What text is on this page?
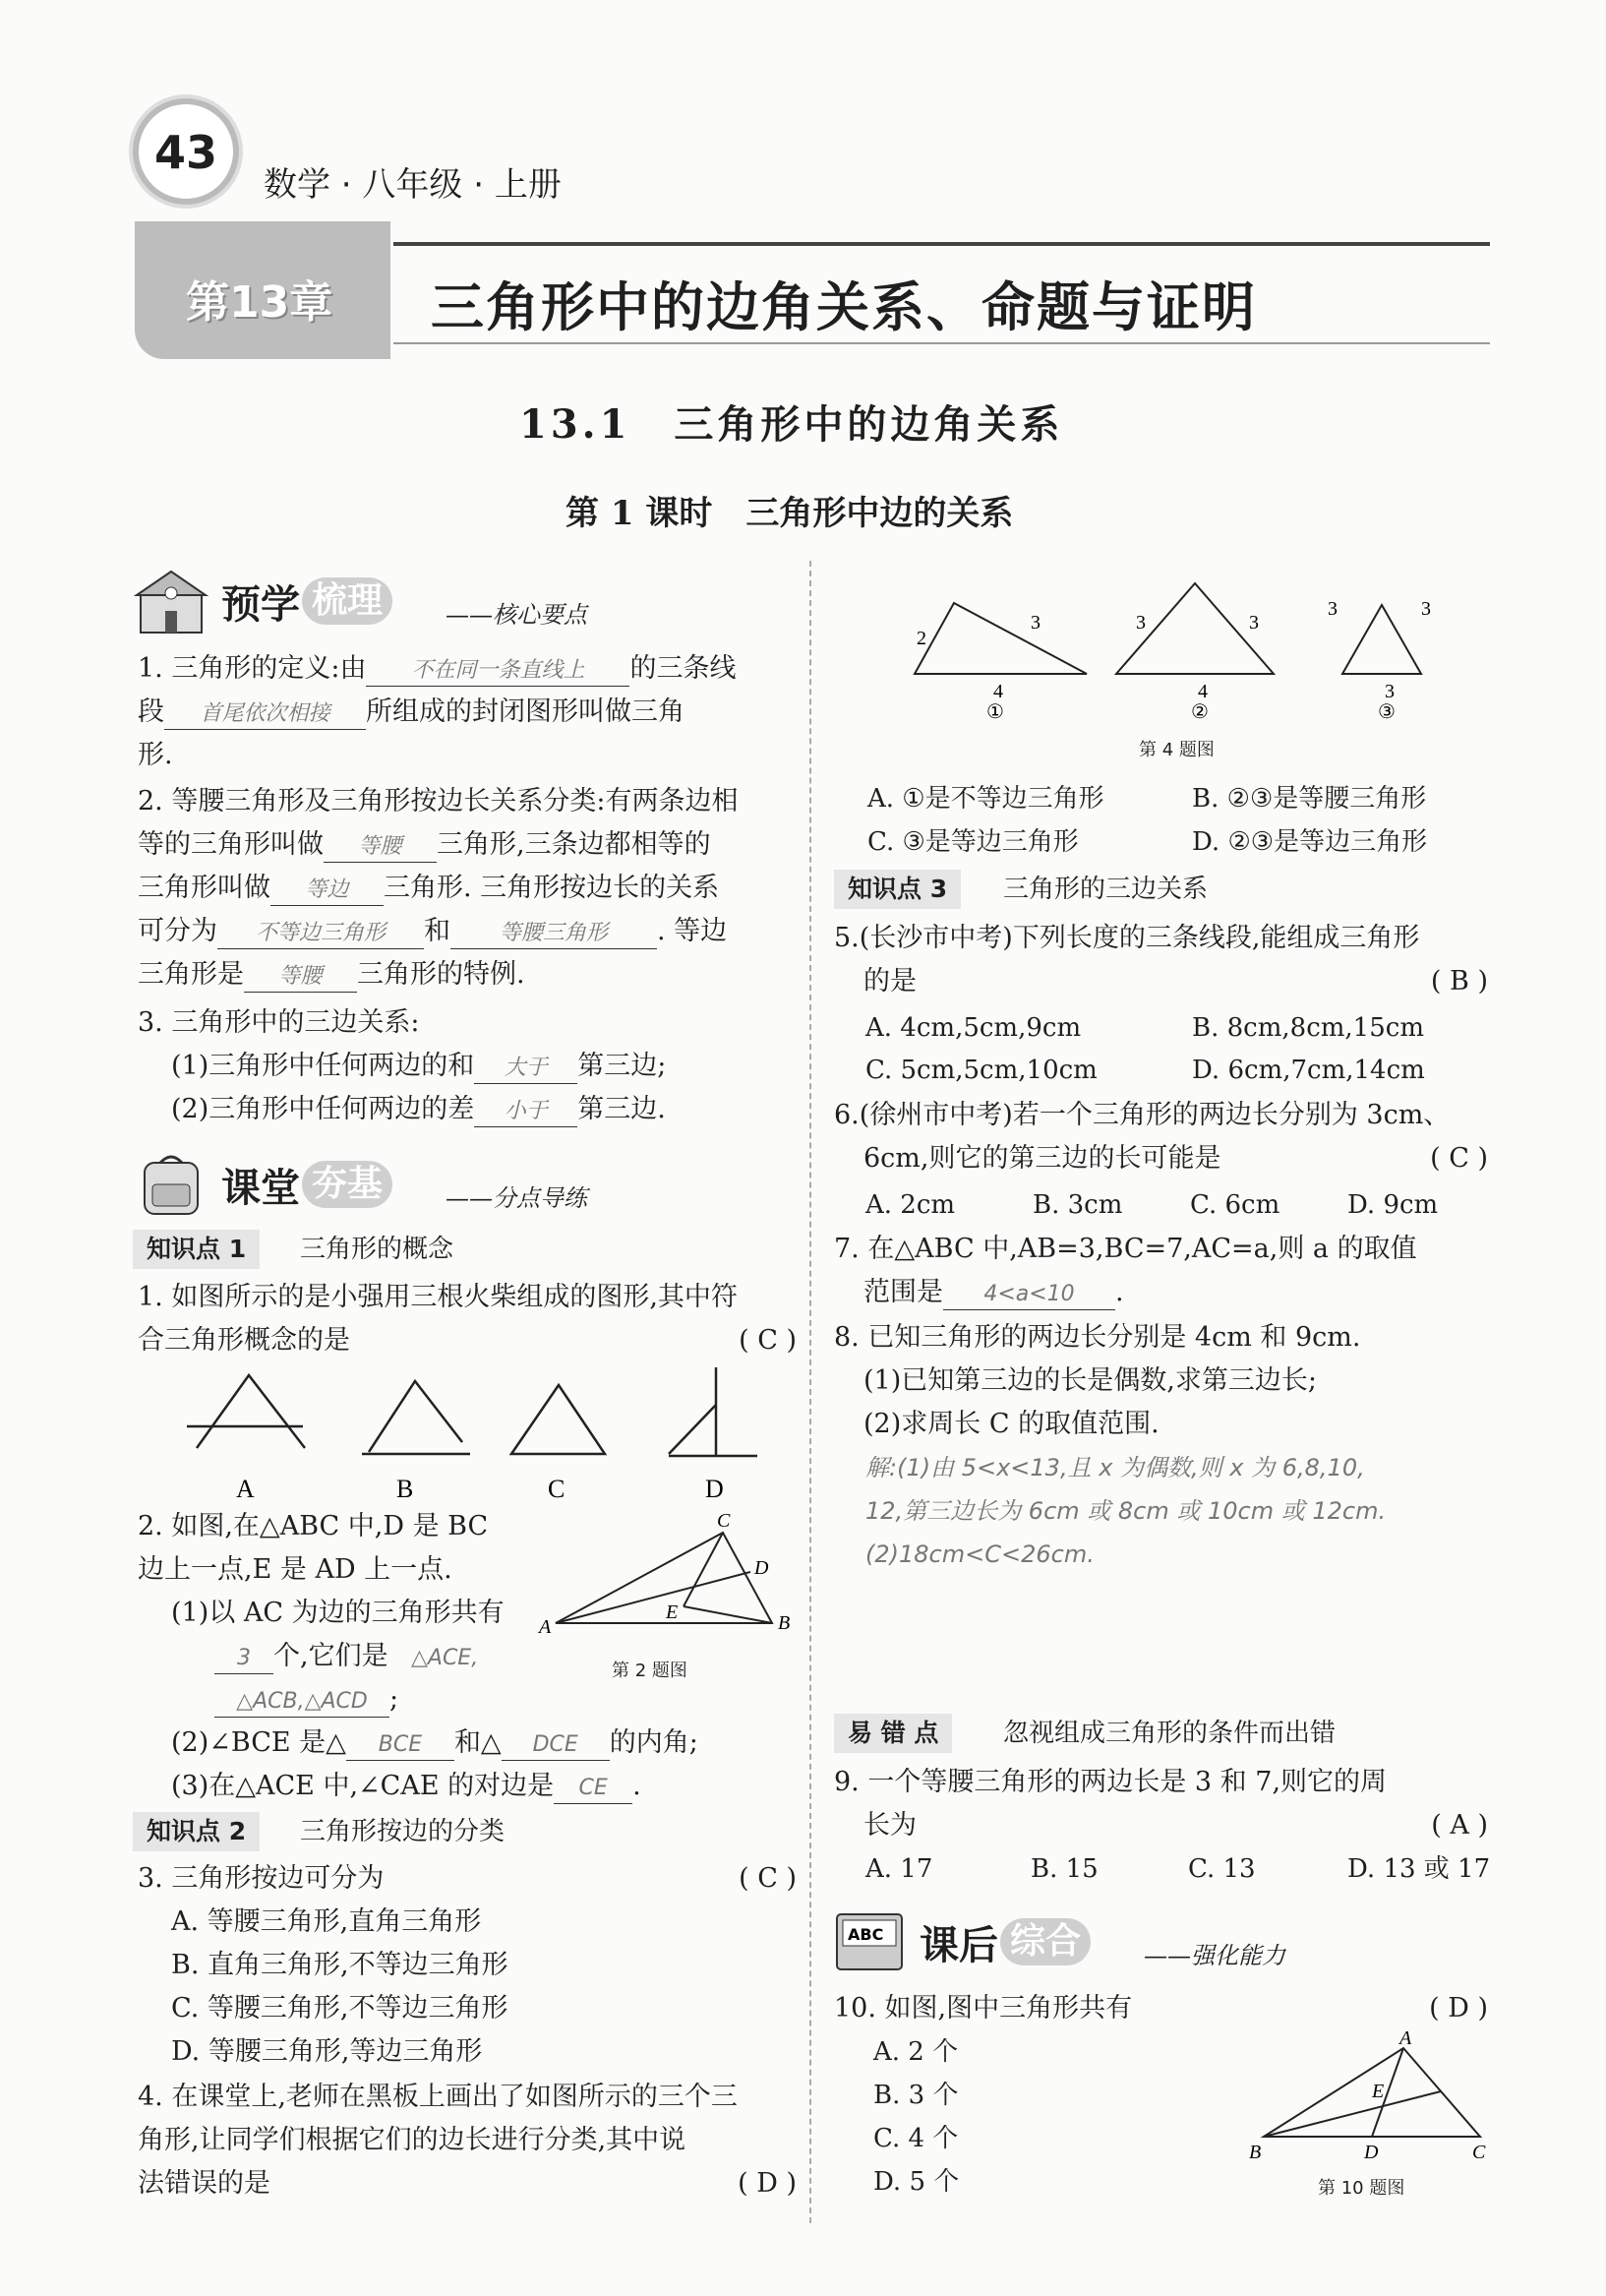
43
数学 · 八年级 · 上册
第13章 三角形中的边角关系、命题与证明
13.1　三角形中的边角关系
第 1 课时　三角形中边的关系
预学 梳理	——核心要点
1. 三角形的定义:由 不在同一条直线上 的三条线
段 首尾依次相接 所组成的封闭图形叫做三角
形.
2. 等腰三角形及三角形按边长关系分类:有两条边相
等的三角形叫做 等腰 三角形,三条边都相等的
三角形叫做 等边 三角形. 三角形按边长的关系
可分为 不等边三角形 和 等腰三角形 . 等边
三角形是 等腰 三角形的特例.
3. 三角形中的三边关系:
(1)三角形中任何两边的和 大于 第三边;
(2)三角形中任何两边的差 小于 第三边.
课堂 夯基	——分点导练
知识点 1	三角形的概念
1. 如图所示的是小强用三根火柴组成的图形,其中符
合三角形概念的是	( C )
A	B	C	D
2. 如图,在△ABC 中,D 是 BC
边上一点,E 是 AD 上一点.
(1)以 AC 为边的三角形共有
3 个,它们是 △ACE,
△ACB,△ACD ;
(2)∠BCE 是△ BCE 和△ DCE 的内角;
(3)在△ACE 中,∠CAE 的对边是 CE .
A	B
C
D
E
第 2 题图
知识点 2	三角形按边的分类
3. 三角形按边可分为	( C )
A. 等腰三角形,直角三角形
B. 直角三角形,不等边三角形
C. 等腰三角形,不等边三角形
D. 等腰三角形,等边三角形
4. 在课堂上,老师在黑板上画出了如图所示的三个三
角形,让同学们根据它们的边长进行分类,其中说
法错误的是	( D )
2
3
4
①
3	3
4
②
3	3
3
③
第 4 题图
A. ①是不等边三角形	B. ②③是等腰三角形
C. ③是等边三角形	D. ②③是等边三角形
知识点 3	三角形的三边关系
5.(长沙市中考)下列长度的三条线段,能组成三角形
的是	( B )
A. 4cm,5cm,9cm	B. 8cm,8cm,15cm
C. 5cm,5cm,10cm	D. 6cm,7cm,14cm
6.(徐州市中考)若一个三角形的两边长分别为 3cm、
6cm,则它的第三边的长可能是	( C )
A. 2cm	B. 3cm	C. 6cm	D. 9cm
7. 在△ABC 中,AB=3,BC=7,AC=a,则 a 的取值
范围是 4<a<10 .
8. 已知三角形的两边长分别是 4cm 和 9cm.
(1)已知第三边的长是偶数,求第三边长;
(2)求周长 C 的取值范围.
解:(1)由 5<x<13,且 x 为偶数,则 x 为 6,8,10,
12,第三边长为 6cm 或 8cm 或 10cm 或 12cm.
(2)18cm<C<26cm.
易 错 点	忽视组成三角形的条件而出错
9. 一个等腰三角形的两边长是 3 和 7,则它的周
长为	( A )
A. 17	B. 15	C. 13	D. 13 或 17
ABC 课后 综合	——强化能力
10. 如图,图中三角形共有	( D )
A. 2 个
B. 3 个
C. 4 个
D. 5 个
A
B	C
D
E
第 10 题图
